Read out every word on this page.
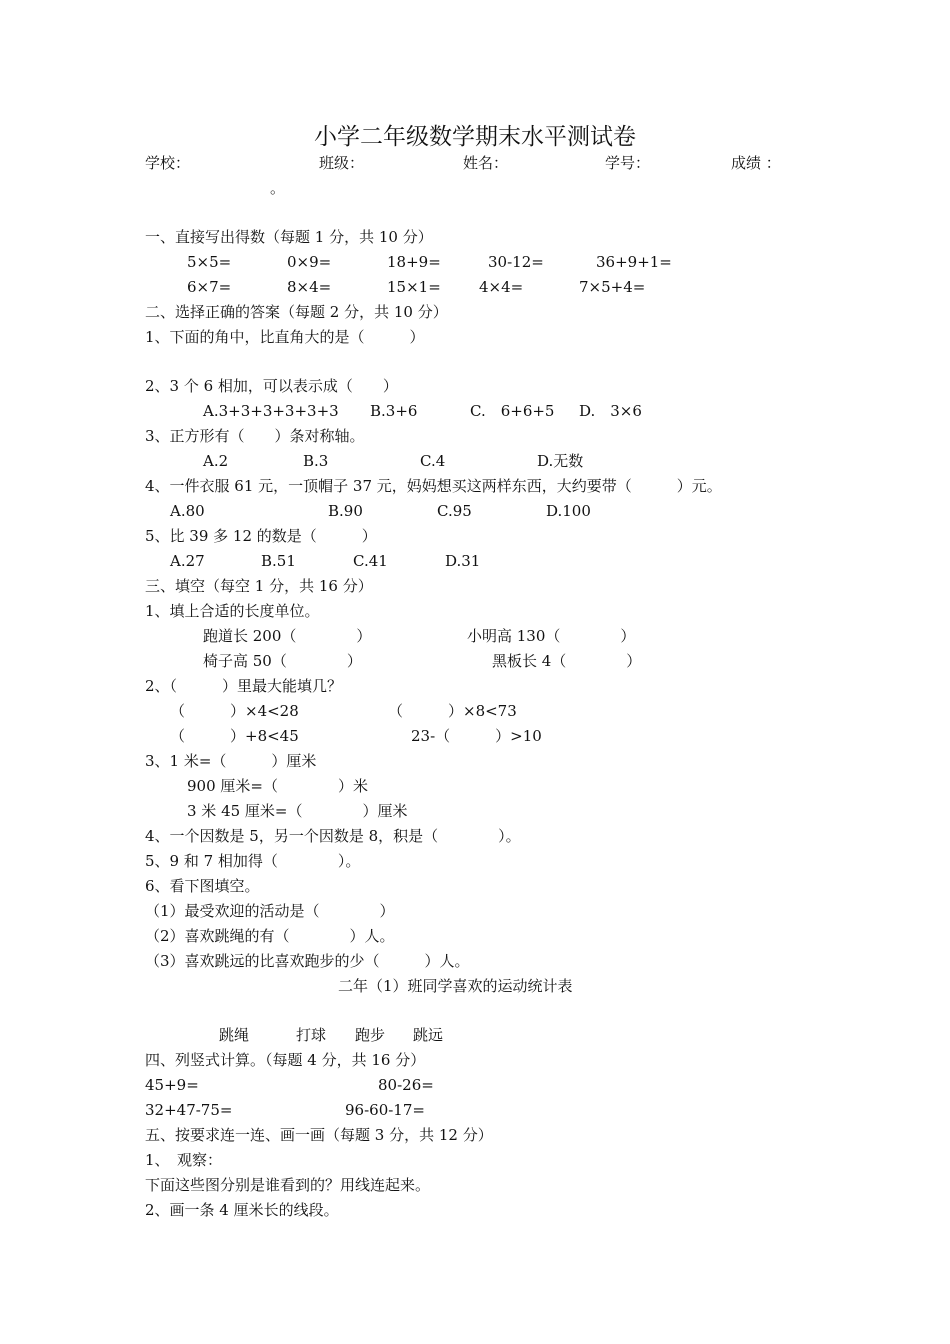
小学二年级数学期末水平测试卷
学校：	班级：	姓名：	学号：	成绩 ：
。
一、直接写出得数（每题 1 分，共 10 分）
5×5=	0×9=	18+9=	30-12=	36+9+1=
6×7=	8×4=	15×1=	4×4=	7×5+4=
二、选择正确的答案（每题 2 分，共 10 分）
1、下面的角中，比直角大的是（　　　）
2、3 个 6 相加，可以表示成（　　）
A.3+3+3+3+3+3 B.3+6	C.　6+6+5 D.　3×6
3、正方形有（　　）条对称轴。
A.2	B.3	C.4	D.无数
4、一件衣服 61 元，一顶帽子 37 元，妈妈想买这两样东西，大约要带（　　　）元。
A.80	B.90	C.95	D.100
5、比 39 多 12 的数是（　　　）
A.27	B.51	C.41	D.31
三、填空（每空 1 分，共 16 分）
1、填上合适的长度单位。
跑道长 200（　　　　）	小明高 130（　　　　）
椅子高 50（　　　　）	黑板长 4（　　　　）
2、（　　　）里最大能填几？
（　　　）×4<28	（　　　）×8<73
（　　　）+8<45	23-（　　　）>10
3、1 米=（　　　）厘米
900 厘米=（　　　　）米
3 米 45 厘米=（　　　　）厘米
4、一个因数是 5，另一个因数是 8，积是（　　　　）。
5、9 和 7 相加得（　　　　）。
6、看下图填空。
（1）最受欢迎的活动是（　　　　）
（2）喜欢跳绳的有（　　　　）人。
（3）喜欢跳远的比喜欢跑步的少（　　　）人。
二年（1）班同学喜欢的运动统计表
跳绳	打球 跑步 跳远
四、列竖式计算。（每题 4 分，共 16 分）
45+9=	80-26=
32+47-75=	96-60-17=
五、按要求连一连、画一画（每题 3 分，共 12 分）
1、　观察：
下面这些图分别是谁看到的？用线连起来。
2、画一条 4 厘米长的线段。
